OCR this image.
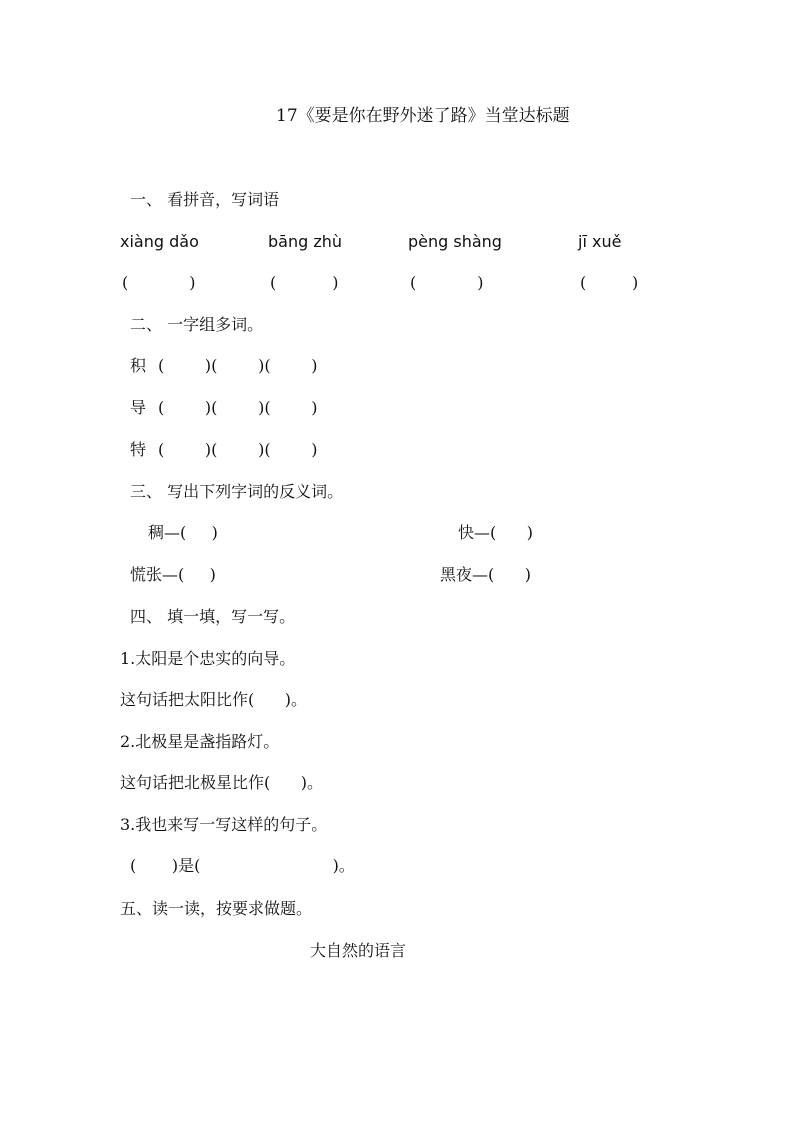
17《要是你在野外迷了路》当堂达标题
一、 看拼音，写词语
xiàng dǎo	bāng zhù	pèng shàng	jī xuě
(            )	(           )	(            )	(         )
二、 一字组多词。
积 (        )(        )(        )
导 (        )(        )(        )
特 (        )(        )(        )
三、 写出下列字词的反义词。
稠—(     )	快—(      )
慌张—(     )	黑夜—(      )
四、 填一填，写一写。
1.太阳是个忠实的向导。
这句话把太阳比作(      )。
2.北极星是盏指路灯。
这句话把北极星比作(      )。
3.我也来写一写这样的句子。
(       )是(                          )。
五、读一读，按要求做题。
大自然的语言
